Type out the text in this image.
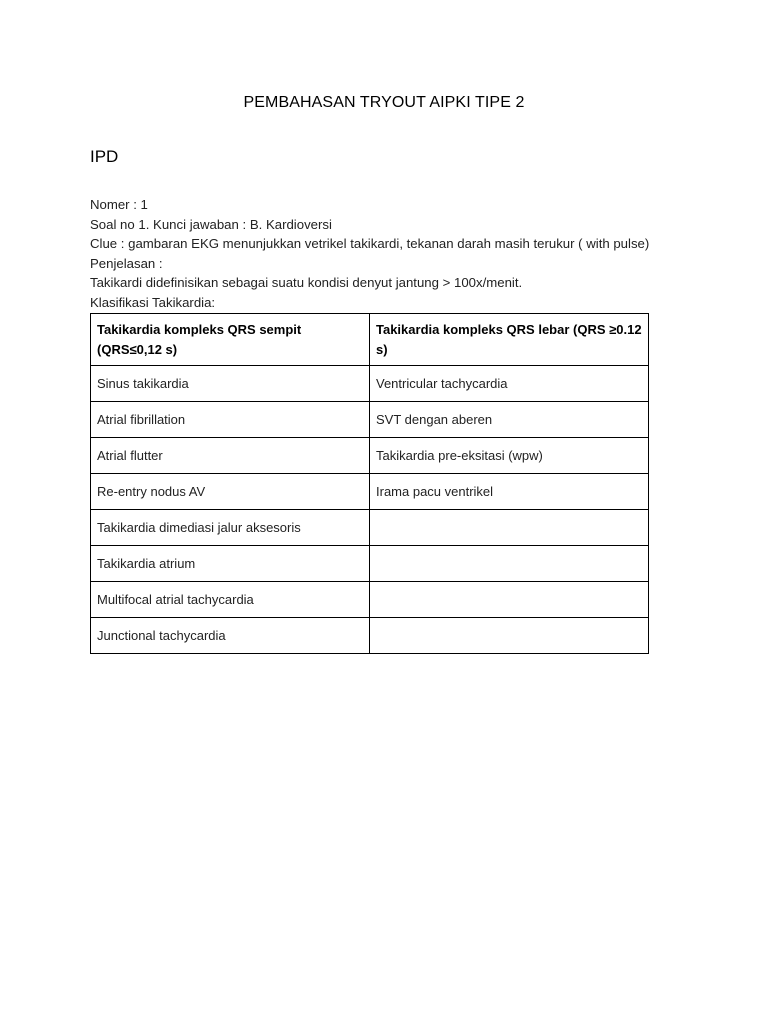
PEMBAHASAN TRYOUT AIPKI TIPE 2
IPD
Nomer : 1
Soal no 1. Kunci jawaban : B. Kardioversi
Clue : gambaran EKG menunjukkan vetrikel takikardi, tekanan darah masih terukur ( with pulse)
Penjelasan :
Takikardi didefinisikan sebagai suatu kondisi denyut jantung > 100x/menit.
Klasifikasi Takikardia:
Takikardia kompleks QRS sempit (QRS≤0,12 s)	Takikardia kompleks QRS lebar (QRS ≥0.12 s)
Sinus takikardia	Ventricular tachycardia
Atrial fibrillation	SVT dengan aberen
Atrial flutter	Takikardia pre-eksitasi (wpw)
Re-entry nodus AV	Irama pacu ventrikel
Takikardia dimediasi jalur aksesoris	
Takikardia atrium	
Multifocal atrial tachycardia	
Junctional tachycardia	
